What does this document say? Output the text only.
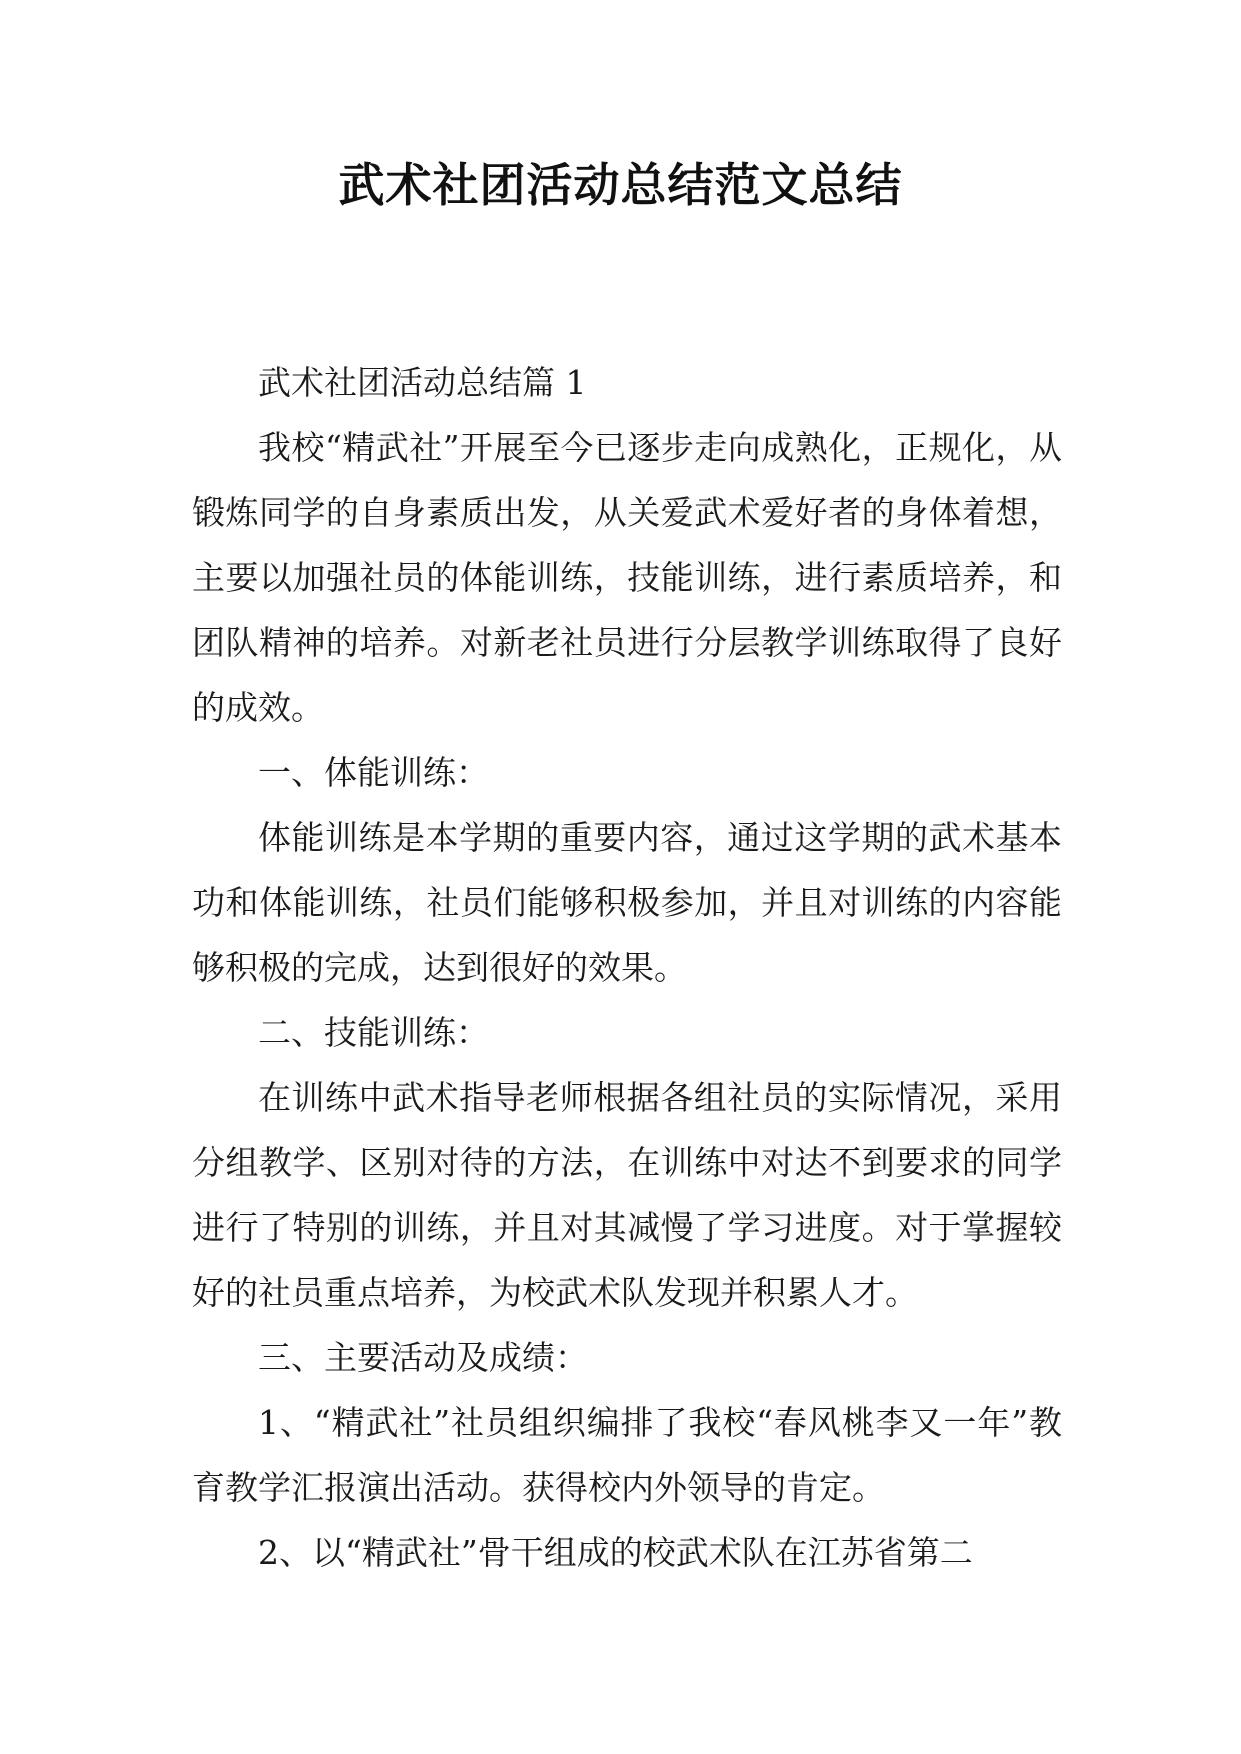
武术社团活动总结范文总结

武术社团活动总结篇 1

我校“精武社”开展至今已逐步走向成熟化，正规化，从锻炼同学的自身素质出发，从关爱武术爱好者的身体着想，主要以加强社员的体能训练，技能训练，进行素质培养，和团队精神的培养。对新老社员进行分层教学训练取得了良好的成效。

一、体能训练：

体能训练是本学期的重要内容，通过这学期的武术基本功和体能训练，社员们能够积极参加，并且对训练的内容能够积极的完成，达到很好的效果。

二、技能训练：

在训练中武术指导老师根据各组社员的实际情况，采用分组教学、区别对待的方法，在训练中对达不到要求的同学进行了特别的训练，并且对其减慢了学习进度。对于掌握较好的社员重点培养，为校武术队发现并积累人才。

三、主要活动及成绩：

1、“精武社”社员组织编排了我校“春风桃李又一年”教育教学汇报演出活动。获得校内外领导的肯定。

2、以“精武社”骨干组成的校武术队在江苏省第二
